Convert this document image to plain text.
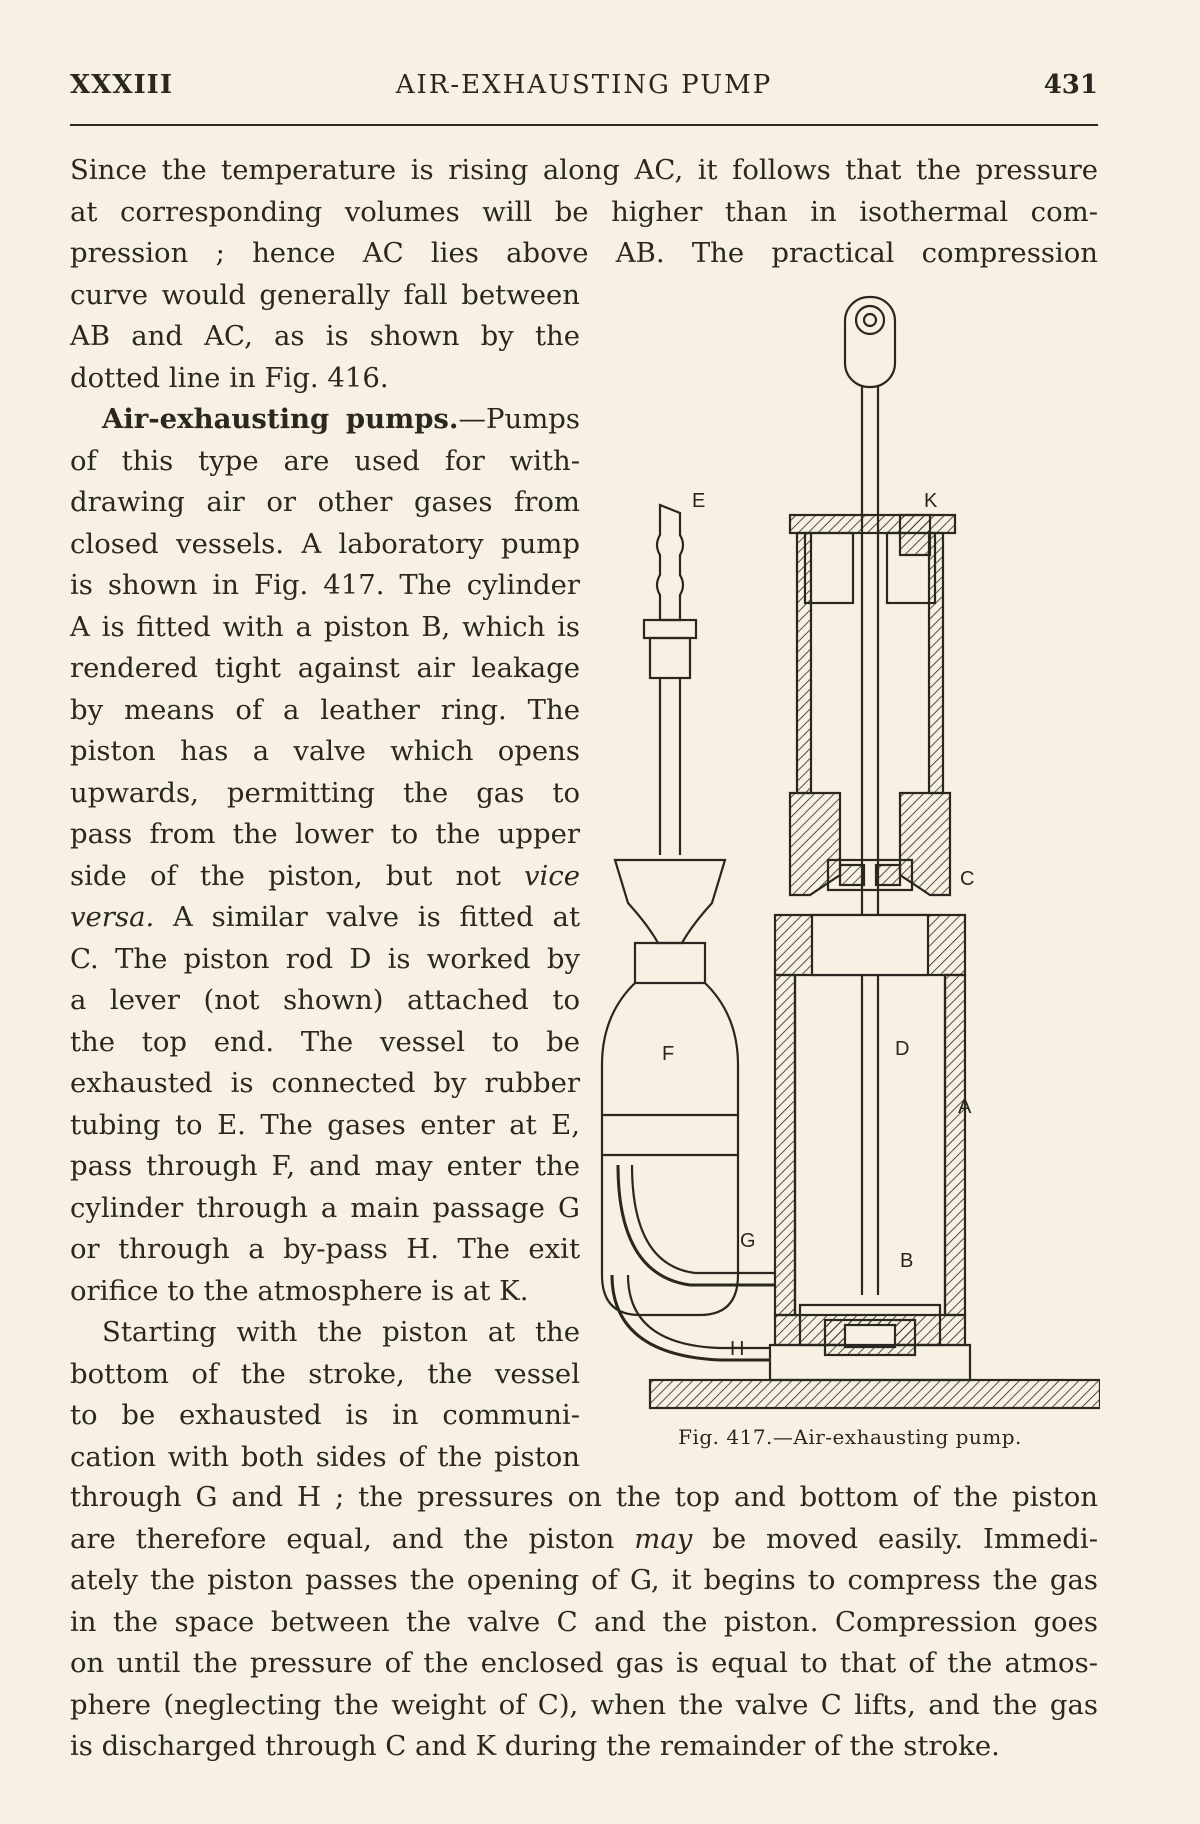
XXXIII	AIR-EXHAUSTING PUMP	431

Since the temperature is rising along AC, it follows that the pressure

at corresponding volumes will be higher than in isothermal com-

pression ; hence AC lies above AB. The practical compression

curve would generally fall between

AB and AC, as is shown by the

dotted line in Fig. 416.

Air-exhausting pumps.—Pumps

of this type are used for with-

drawing air or other gases from

closed vessels. A laboratory pump

is shown in Fig. 417. The cylinder

A is fitted with a piston B, which is

rendered tight against air leakage

by means of a leather ring. The

piston has a valve which opens

upwards, permitting the gas to

pass from the lower to the upper

side of the piston, but not vice

versa. A similar valve is fitted at

C. The piston rod D is worked by

a lever (not shown) attached to

the top end. The vessel to be

exhausted is connected by rubber

tubing to E. The gases enter at E,

pass through F, and may enter the

cylinder through a main passage G

or through a by-pass H. The exit

orifice to the atmosphere is at K.

Starting with the piston at the

bottom of the stroke, the vessel

to be exhausted is in communi-

cation with both sides of the piston

E	K
C
F	D
A
G
B
H
Fig. 417.—Air-exhausting pump.

through G and H ; the pressures on the top and bottom of the piston

are therefore equal, and the piston may be moved easily. Immedi-

ately the piston passes the opening of G, it begins to compress the gas

in the space between the valve C and the piston. Compression goes

on until the pressure of the enclosed gas is equal to that of the atmos-

phere (neglecting the weight of C), when the valve C lifts, and the gas

is discharged through C and K during the remainder of the stroke.
